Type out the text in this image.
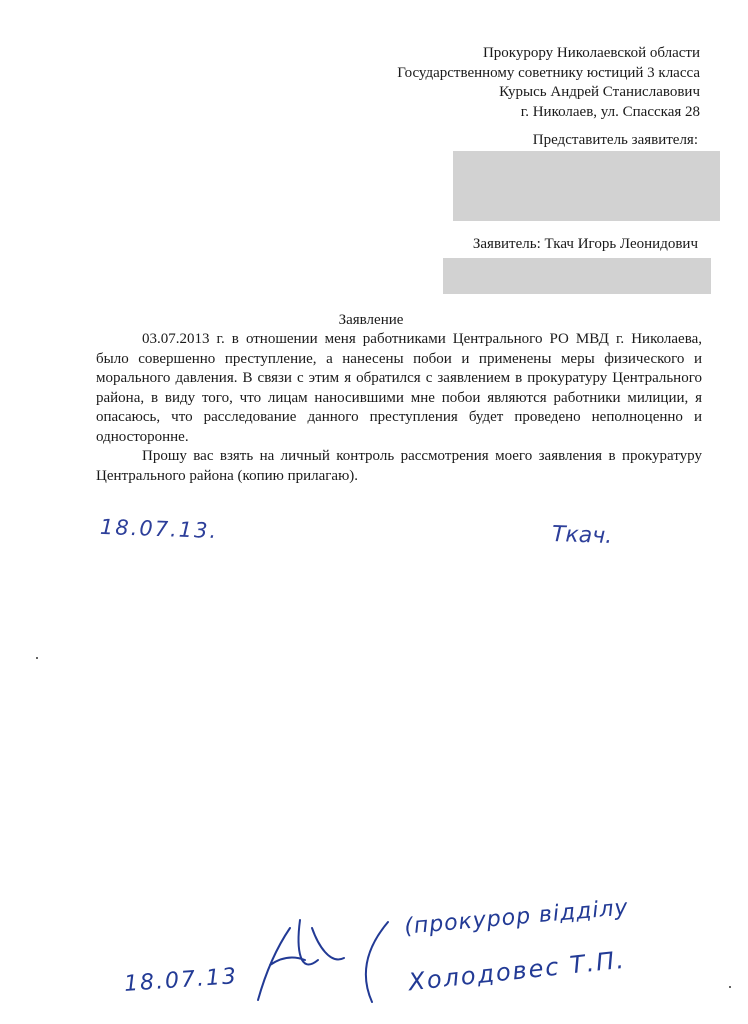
Прокурору Николаевской области
Государственному советнику юстиций 3 класса
Курысь Андрей Станиславович
г. Николаев, ул. Спасская 28
Представитель заявителя:
Заявитель: Ткач Игорь Леонидович
Заявление

03.07.2013 г. в отношении меня работниками Центрального РО МВД г. Николаева, было совершенно преступление, а нанесены побои и применены меры физического и морального давления. В связи с этим я обратился с заявлением в прокуратуру Центрального района, в виду того, что лицам наносившими мне побои являются работники милиции, я опасаюсь, что расследование данного преступления будет проведено неполноценно и односторонне.

Прошу вас взять на личный контроль рассмотрения моего заявления в прокуратуру Центрального района (копию прилагаю).

18.07.13.	Ткач.
18.07.13
(прокурор відділу
Холодовес Т.П.
